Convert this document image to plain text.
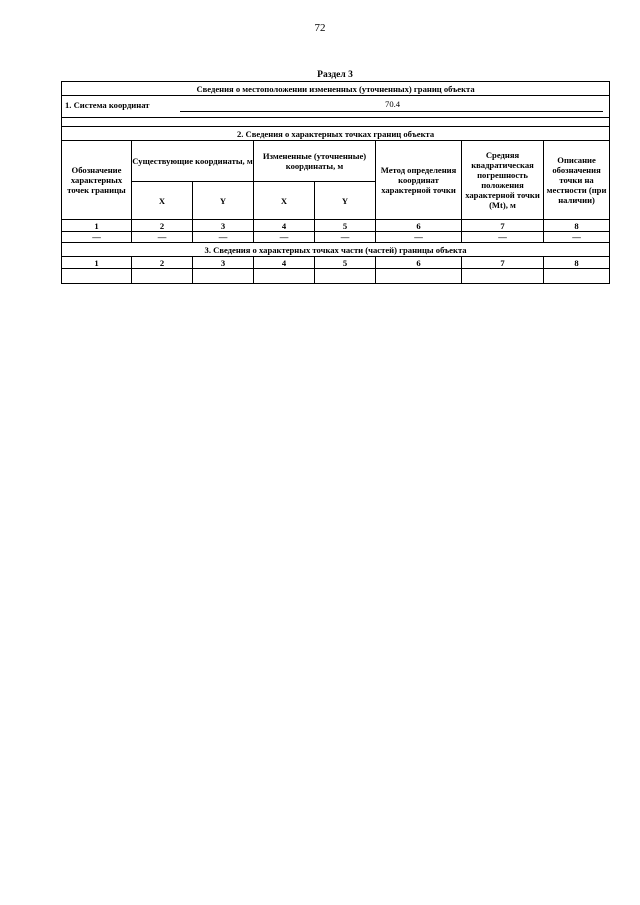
72
Раздел 3
Сведения о местоположении измененных (уточненных) границ объекта							

1. Система координат 70.4							

2. Сведения о характерных точках границ объекта							
Обозначение характерных точек границы	Существующие координаты, м		Измененные (уточненные) координаты, м		Метод определения координат характерной точки	Средняя квадратическая погрешность положения характерной точки (Mt), м	Описание обозначения точки на местности (при наличии)
	X	Y	X	Y			
1	2	3	4	5	6	7	8
—	—	—	—	—	—	—	—
3. Сведения о характерных точках части (частей) границы объекта							
1	2	3	4	5	6	7	8
